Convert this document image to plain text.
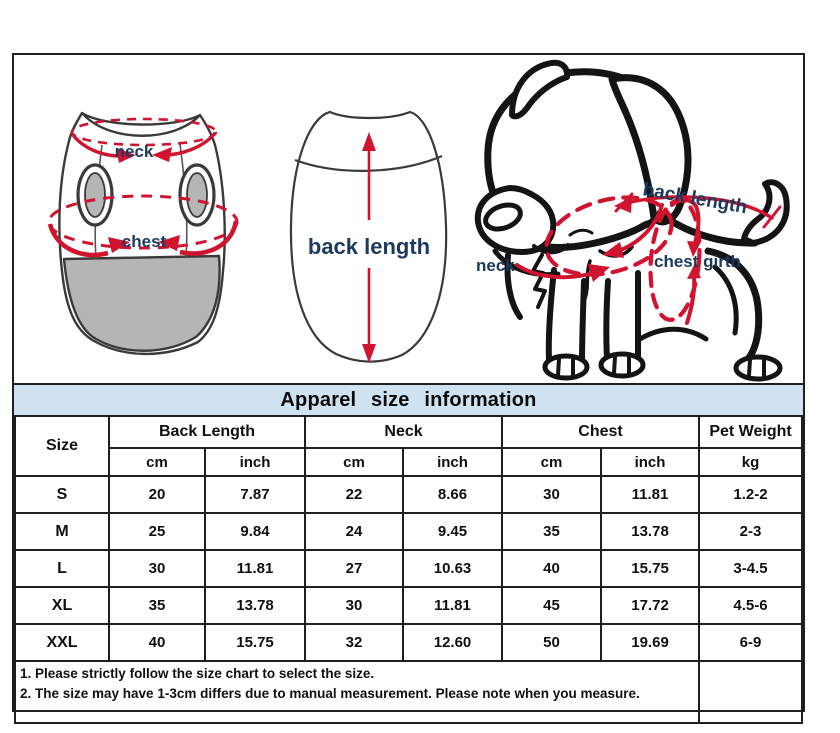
neck
chest	back length
back length
neck	chest girth
Apparel size information
Size	Back Length		Neck		Chest		Pet Weight
	cm	inch	cm	inch	cm	inch	kg
S	20	7.87	22	8.66	30	11.81	1.2-2
M	25	9.84	24	9.45	35	13.78	2-3
L	30	11.81	27	10.63	40	15.75	3-4.5
XL	35	13.78	30	11.81	45	17.72	4.5-6
XXL	40	15.75	32	12.60	50	19.69	6-9

1. Please strictly follow the size chart to select the size.
2. The size may have 1-3cm differs due to manual measurement. Please note when you measure.							
